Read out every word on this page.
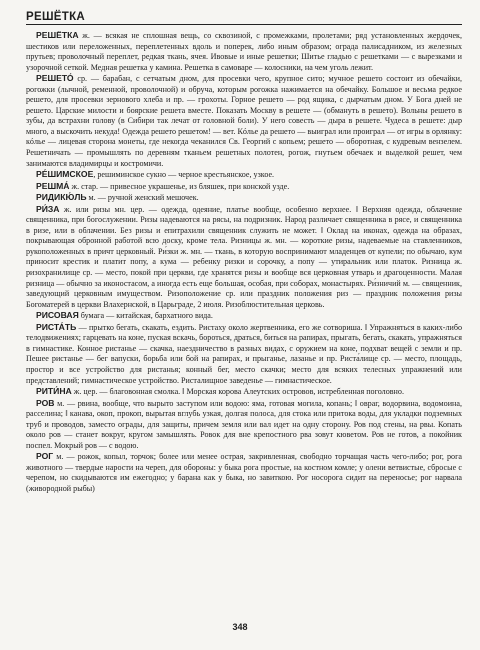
РЕШЁТКА

РЕШЁТКА ж. — всякая не сплошная вещь, со сквозиной, с промежками, пролетами; ряд установленных жердочек, шестиков или переложенных, переплетенных вдоль и поперек, либо иным образом; ограда палисадником, из железных прутьев; проволочный переплет, редкая ткань, ячея. Ивовые и иные решетки; Шитье гладью с решетками — с вырезками и узорочной сеткой. Медная решетка у камина. Решетка в самоваре — колосники, на чем уголь лежит.

РЕШЕТО́ ср. — барабан, с сетчатым дном, для просевки чего, крупное сито; мучное решето состоит из обечайки, рогожки (лычной, ременной, проволочной) и обруча, которым рогожка нажимается на обечайку. Большое и весьма редкое решето, для просевки зернового хлеба и пр. — грохоты. Горное решето — род ящика, с дырчатым дном. У Бога дней не решето. Царские милости и боярские решета вместе. Показать Москву в решете — (обмануть в решето). Вольны решето в зубы, да встрахни голову (в Сибири так лечат от головной боли). У него совесть — дыра в решете. Чудеса в решете: дыр много, а выскочить некуда! Одежда решето решетом! — вет. Кóлье да решето — выиграл или проиграл — от игры в орлянку: кóлье — лицевая сторона монеты, где некогда чеканился Св. Георгий с копьем; решето — оборотная, с кудревым вензелем. Решетничать — промышлять по деревням тканьем решетных полотен, рогож, гнутьем обечаек и выделкой решет, чем занимаются владимирцы и костромичи.

РЕ́ШИМСКОЕ, решиминское сукно — черное крестьянское, узкое.

РЕШМА́ ж. стар. — привесное украшенье, из бляшек, при конской узде.

РИДИКЮ́ЛЬ м. — ручной женский мешочек.

РИ́ЗА ж. или ризы мн. цер. — одежда, одеяние, платье вообще, особенно верхнее. ‖ Верхняя одежда, облачение священника, при богослужении. Ризы надеваются на рясы, на подризник. Народ различает священника в рясе, и священника в ризе, или в облачении. Без ризы и епитрахили священник служить не может. ‖ Оклад на иконах, одежда на образах, покрывающая обронной работой всю доску, кроме тела. Ризницы ж. мн. — короткие ризы, надеваемые на ставленников, рукоположенных в причт церковный. Ри́зки ж. мн. — ткань, в которую воспринимают младенцев от купели; по обычаю, кум приносит крестик и платит попу, а кума — ребенку ризки и сорочку, а попу — утиральник или платок. Ризница ж. ризохранилище ср. — место, покой при церкви, где хранятся ризы и вообще вся церковная утварь и драгоценности. Малая ризница — обычно за иконостасом, а иногда есть еще большая, особая, при соборах, монастырях. Ри́зничий м. — священник, заведующий церковным имуществом. Ризоположение ср. или праздник положения риз — праздник положения ризы Богоматерей в церкви Влахернской, в Царьграде, 2 июля. Ризоблюстительная церковь.

РИСОВАЯ бумага — китайская, бархатного вида.

РИСТА́ТЬ — прытко бегать, скакать, ездить. Ристаху около жертвенника, его же сотвориша. ‖ Упражняться в каких-либо телодвижениях; гарцевать на коне, пуская вскачь, бороться, драться, биться на рапирах, прыгать, бегать, скакать, упражняться в гимнастике. Конное ристанье — скачка, наездничество в разных видах, с оружием на коне, подхват вещей с земли и пр. Пешее ристанье — бег вапуски, борьба или бой на рапирах, и прыганье, лазанье и пр. Риста́лище ср. — место, площадь, простор и все устройство для ристанья; конный бег, место скачки; место для всяких телесных упражнений или представлений; гимнастическое устройство. Ристалищное заведенье — гимнастическое.

РИТИ́НА ж. цер. — благовонная смолка. ‖ Морская корова Алеутских островов, истребленная поголовно.

РОВ м. — рвина, вообще, что вырыто заступом или водою: яма, готовая могила, копань; ‖ овраг, водорвина, водомоина, расселина; ‖ канава, окоп, прокоп, вырытая вглубь узкая, долгая полоса, для стока или притока воды, для укладки подземных труб и проводов, заместо ограды, для защиты, причем земля или вал идет на одну сторону. Ров под стены, на рвы. Копать около ров — станет вокруг, кругом замышлять. Ровок для вне крепостного рва зовут кюветом. Ров не готов, а покойник поспел. Мокрый ров — с водою.

РОГ м. — рожок, копыл, торчок; более или менее острая, закривленная, свободно торчащая часть чего-либо; рог, рога животного — твердые нарости на череп, для обороны: у быка рога простые, на костном комле; у олени ветвистые, сбросые с черепом, но скидываются им ежегодно; у барана как у быка, но завиткою. Рог носорога сидит на переносье; рог нарвала (живородной рыбы)

348
